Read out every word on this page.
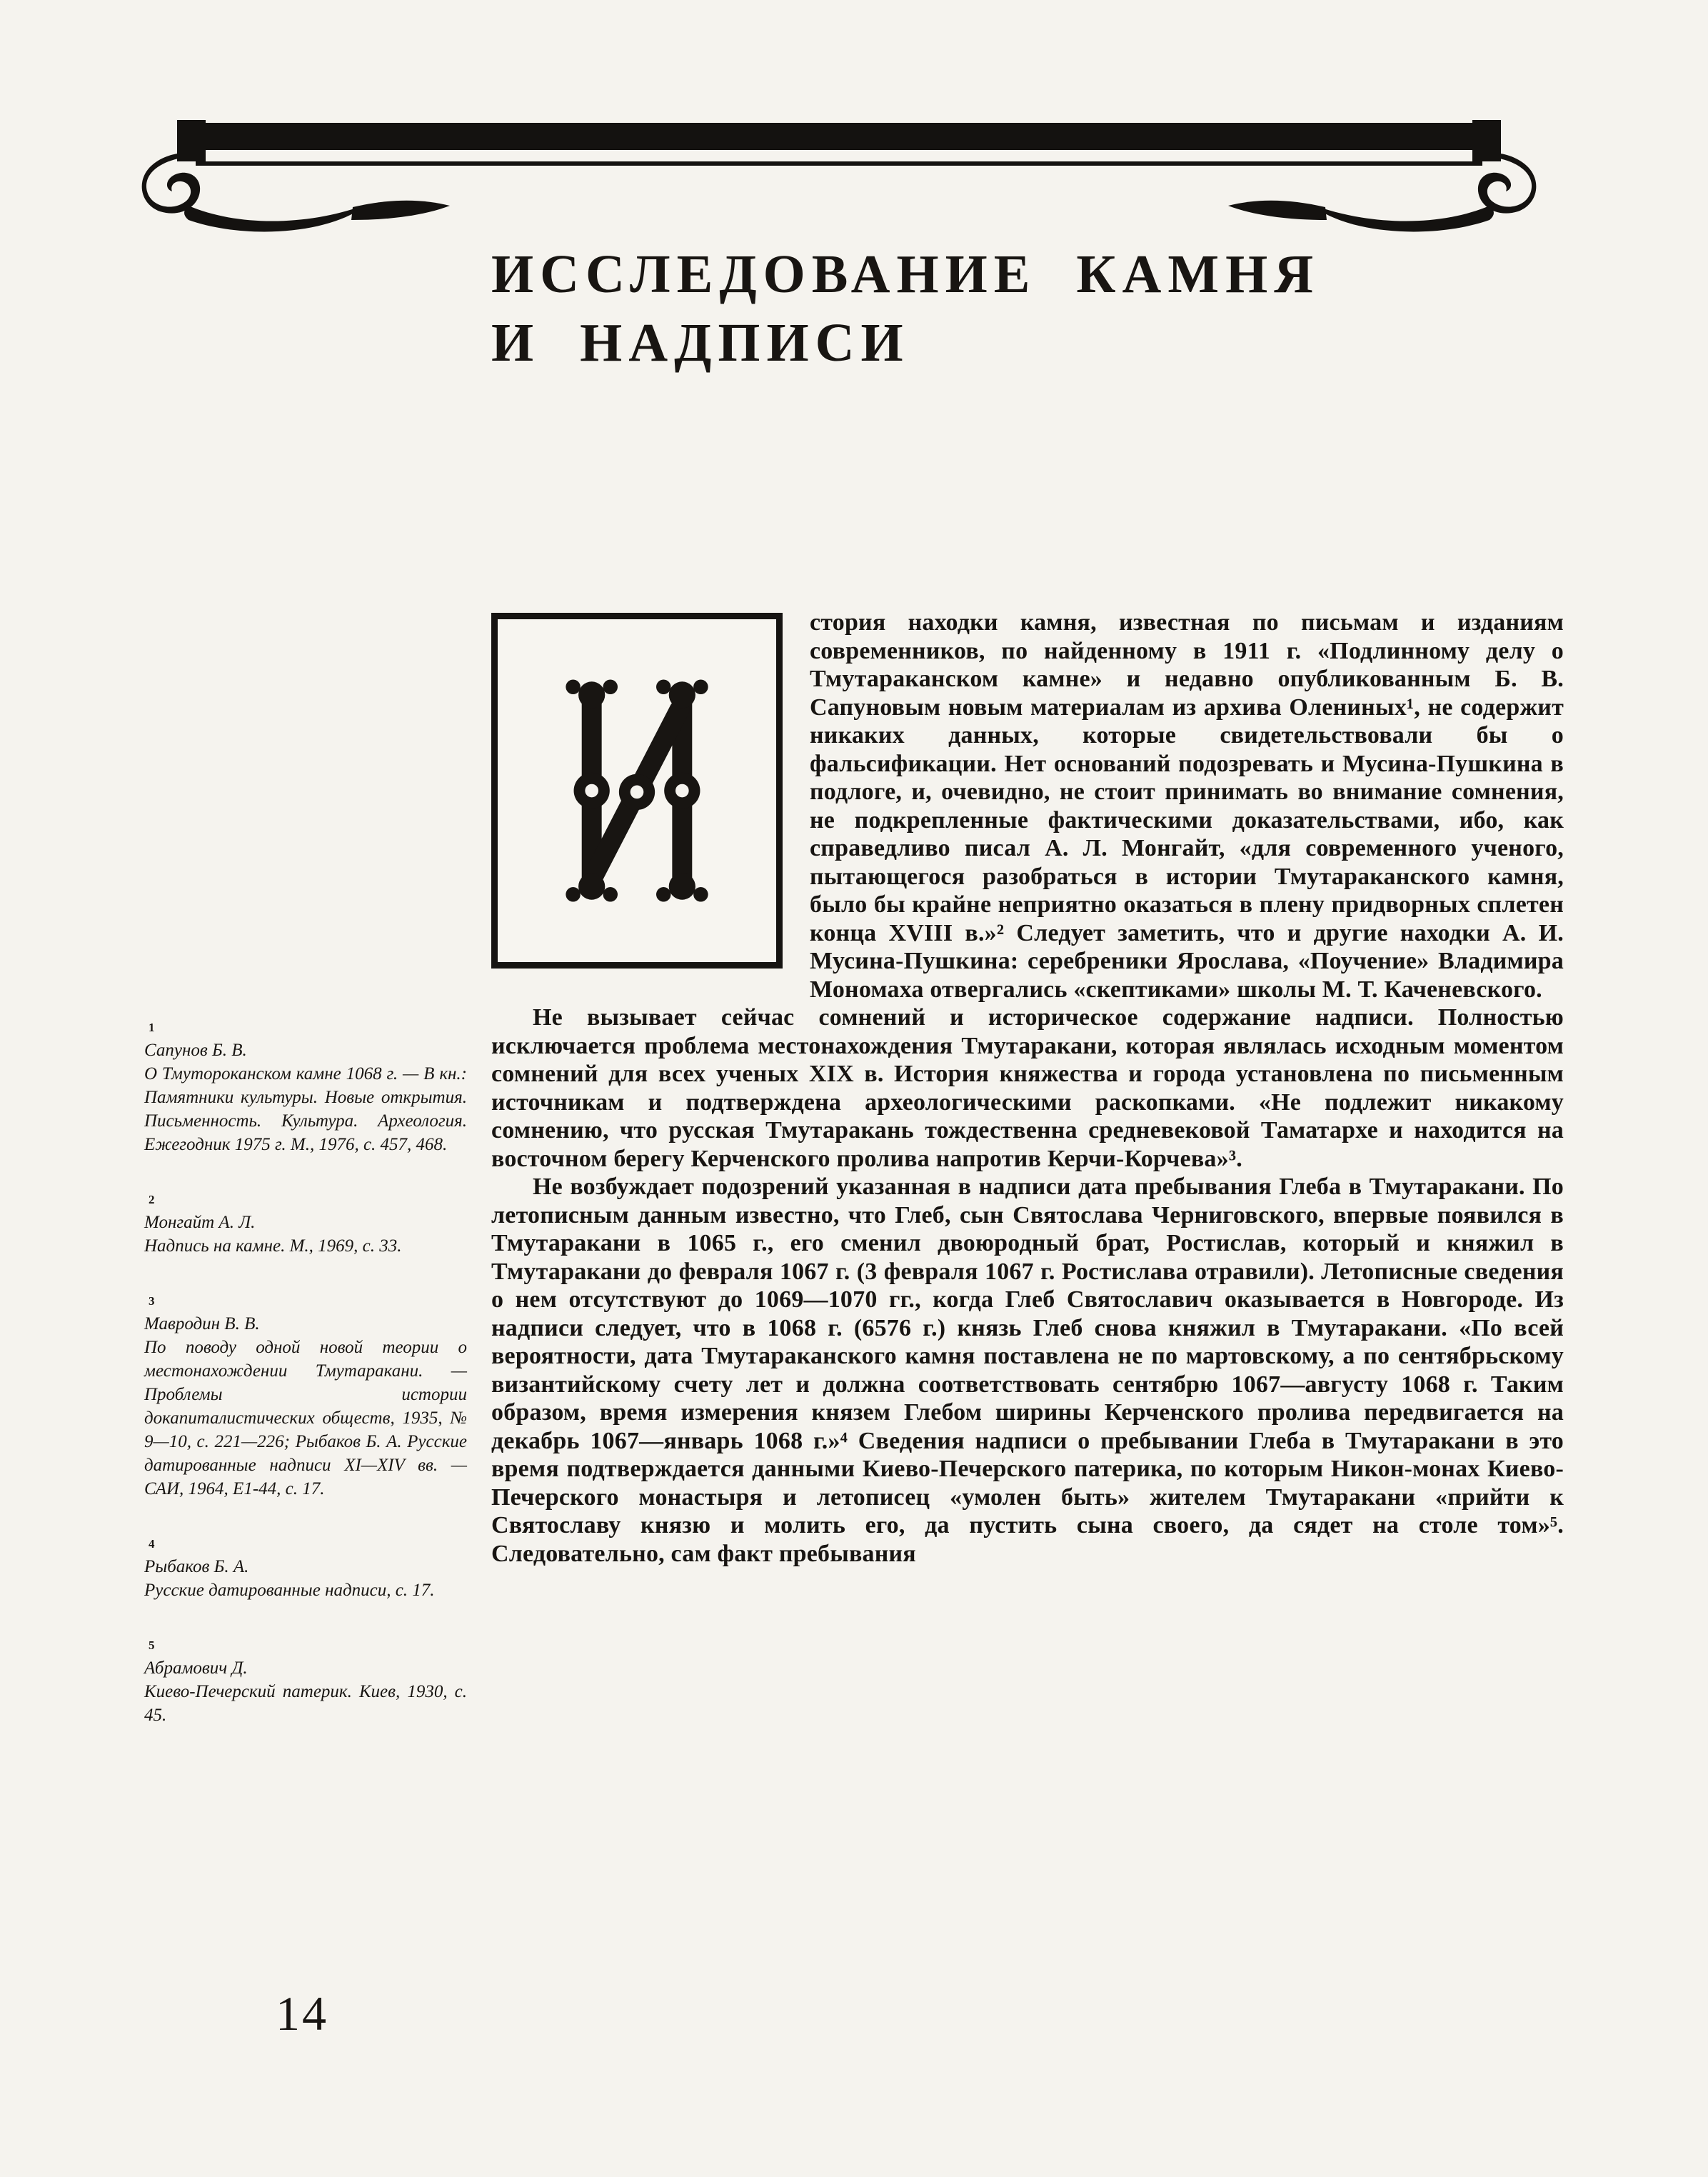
ИССЛЕДОВАНИЕ КАМНЯ
И НАДПИСИ

стория находки камня, известная по письмам и изданиям современников, по найденному в 1911 г. «Подлинному делу о Тмутараканском камне» и недавно опубликованным Б. В. Сапуновым новым материалам из архива Олениных¹, не содержит никаких данных, которые свидетельствовали бы о фальсификации. Нет оснований подозревать и Мусина-Пушкина в подлоге, и, очевидно, не стоит принимать во внимание сомнения, не подкрепленные фактическими доказательствами, ибо, как справедливо писал А. Л. Монгайт, «для современного ученого, пытающегося разобраться в истории Тмутараканского камня, было бы крайне неприятно оказаться в плену придворных сплетен конца XVIII в.»² Следует заметить, что и другие находки А. И. Мусина-Пушкина: серебреники Ярослава, «Поучение» Владимира Мономаха отвергались «скептиками» школы М. Т. Каченевского.

Не вызывает сейчас сомнений и историческое содержание надписи. Полностью исключается проблема местонахождения Тмутаракани, которая являлась исходным моментом сомнений для всех ученых XIX в. История княжества и города установлена по письменным источникам и подтверждена археологическими раскопками. «Не подлежит никакому сомнению, что русская Тмутаракань тождественна средневековой Таматархе и находится на восточном берегу Керченского пролива напротив Керчи-Корчева»³.

Не возбуждает подозрений указанная в надписи дата пребывания Глеба в Тмутаракани. По летописным данным известно, что Глеб, сын Святослава Черниговского, впервые появился в Тмутаракани в 1065 г., его сменил двоюродный брат, Ростислав, который и княжил в Тмутаракани до февраля 1067 г. (3 февраля 1067 г. Ростислава отравили). Летописные сведения о нем отсутствуют до 1069—1070 гг., когда Глеб Святославич оказывается в Новгороде. Из надписи следует, что в 1068 г. (6576 г.) князь Глеб снова княжил в Тмутаракани. «По всей вероятности, дата Тмутараканского камня поставлена не по мартовскому, а по сентябрьскому византийскому счету лет и должна соответствовать сентябрю 1067—августу 1068 г. Таким образом, время измерения князем Глебом ширины Керченского пролива передвигается на декабрь 1067—январь 1068 г.»⁴ Сведения надписи о пребывании Глеба в Тмутаракани в это время подтверждается данными Киево-Печерского патерика, по которым Никон-монах Киево-Печерского монастыря и летописец «умолен быть» жителем Тмутаракани «прийти к Святославу князю и молить его, да пустить сына своего, да сядет на столе том»⁵. Следовательно, сам факт пребывания

1
Сапунов Б. В.
О Тмутороканском камне 1068 г. — В кн.: Памятники культуры. Новые открытия. Письменность. Культура. Археология. Ежегодник 1975 г. М., 1976, с. 457, 468.
2
Монгайт А. Л.
Надпись на камне. М., 1969, с. 33.
3
Мавродин В. В.
По поводу одной новой теории о местонахождении Тмутаракани. — Проблемы истории докапиталистических обществ, 1935, № 9—10, с. 221—226; Рыбаков Б. А. Русские датированные надписи XI—XIV вв. — САИ, 1964, Е1-44, с. 17.
4
Рыбаков Б. А.
Русские датированные надписи, с. 17.
5
Абрамович Д.
Киево-Печерский патерик. Киев, 1930, с. 45.
14
